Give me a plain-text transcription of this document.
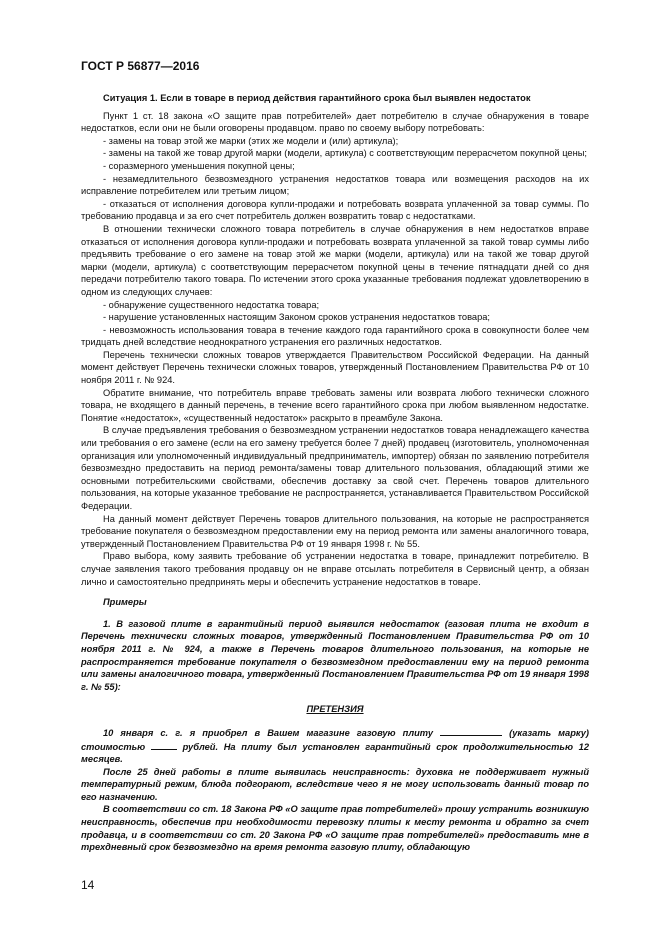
ГОСТ Р 56877—2016

Ситуация 1. Если в товаре в период действия гарантийного срока был выявлен недостаток

Пункт 1 ст. 18 закона «О защите прав потребителей» дает потребителю в случае обнаружения в товаре недостатков, если они не были оговорены продавцом. право по своему выбору потребовать:

- замены на товар этой же марки (этих же модели и (или) артикула);

- замены на такой же товар другой марки (модели, артикула) с соответствующим перерасчетом покупной цены;

- соразмерного уменьшения покупной цены;

- незамедлительного безвозмездного устранения недостатков товара или возмещения расходов на их исправление потребителем или третьим лицом;

- отказаться от исполнения договора купли-продажи и потребовать возврата уплаченной за товар суммы. По требованию продавца и за его счет потребитель должен возвратить товар с недостатками.

В отношении технически сложного товара потребитель в случае обнаружения в нем недостатков вправе отказаться от исполнения договора купли-продажи и потребовать возврата уплаченной за такой товар суммы либо предъявить требование о его замене на товар этой же марки (модели, артикула) или на такой же товар другой марки (модели, артикула) с соответствующим перерасчетом покупной цены в течение пятнадцати дней со дня передачи потребителю такого товара. По истечении этого срока указанные требования подлежат удовлетворению в одном из следующих случаев:

- обнаружение существенного недостатка товара;

- нарушение установленных настоящим Законом сроков устранения недостатков товара;

- невозможность использования товара в течение каждого года гарантийного срока в совокупности более чем тридцать дней вследствие неоднократного устранения его различных недостатков.

Перечень технически сложных товаров утверждается Правительством Российской Федерации. На данный момент действует Перечень технически сложных товаров, утвержденный Постановлением Правительства РФ от 10 ноября 2011 г. № 924.

Обратите внимание, что потребитель вправе требовать замены или возврата любого технически сложного товара, не входящего в данный перечень, в течение всего гарантийного срока при любом выявленном недостатке. Понятие «недостаток», «существенный недостаток» раскрыто в преамбуле Закона.

В случае предъявления требования о безвозмездном устранении недостатков товара ненадлежащего качества или требования о его замене (если на его замену требуется более 7 дней) продавец (изготовитель, уполномоченная организация или уполномоченный индивидуальный предприниматель, импортер) обязан по заявлению потребителя безвозмездно предоставить на период ремонта/замены товар длительного пользования, обладающий этими же основными потребительскими свойствами, обеспечив доставку за свой счет. Перечень товаров длительного пользования, на которые указанное требование не распространяется, устанавливается Правительством Российской Федерации.

На данный момент действует Перечень товаров длительного пользования, на которые не распространяется требование покупателя о безвозмездном предоставлении ему на период ремонта или замены аналогичного товара, утвержденный Постановлением Правительства РФ от 19 января 1998 г. № 55.

Право выбора, кому заявить требование об устранении недостатка в товаре, принадлежит потребителю. В случае заявления такого требования продавцу он не вправе отсылать потребителя в Сервисный центр, а обязан лично и самостоятельно предпринять меры и обеспечить устранение недостатков в товаре.

Примеры

1. В газовой плите в гарантийный период выявился недостаток (газовая плита не входит в Перечень технически сложных товаров, утвержденный Постановлением Правительства РФ от 10 ноября 2011 г. № 924, а также в Перечень товаров длительного пользования, на которые не распространяется требование покупателя о безвозмездном предоставлении ему на период ремонта или замены аналогичного товара, утвержденный Постановлением Правительства РФ от 19 января 1998 г. № 55):

ПРЕТЕНЗИЯ

10 января с. г. я приобрел в Вашем магазине газовую плиту	(указать марку) стоимостью	рублей. На плиту был установлен гарантийный срок продолжительностью 12 месяцев.

После 25 дней работы в плите выявилась неисправность: духовка не поддерживает нужный температурный режим, блюда подгорают, вследствие чего я не могу использовать данный товар по его назначению.

В соответствии со ст. 18 Закона РФ «О защите прав потребителей» прошу устранить возникшую неисправность, обеспечив при необходимости перевозку плиты к месту ремонта и обратно за счет продавца, и в соответствии со ст. 20 Закона РФ «О защите прав потребителей» предоставить мне в трехдневный срок безвозмездно на время ремонта газовую плиту, обладающую

14
